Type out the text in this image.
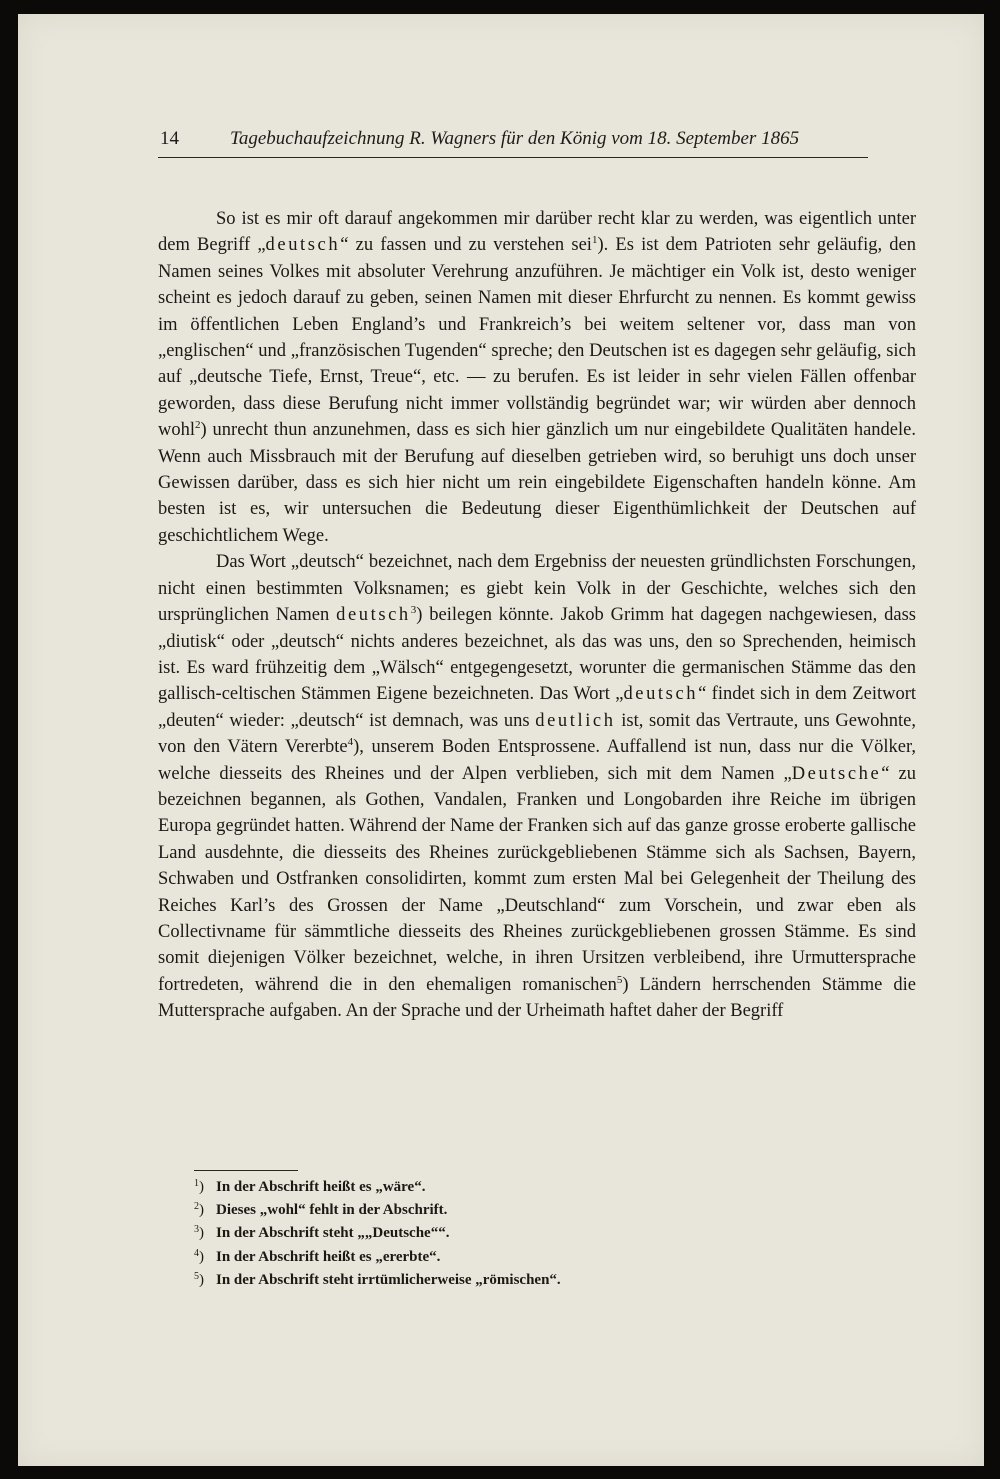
14	Tagebuchaufzeichnung R. Wagners für den König vom 18. September 1865

So ist es mir oft darauf angekommen mir darüber recht klar zu werden, was eigentlich unter dem Begriff „deutsch“ zu fassen und zu verstehen sei$^1$). Es ist dem Patrioten sehr geläufig, den Namen seines Volkes mit absoluter Verehrung anzuführen. Je mächtiger ein Volk ist, desto weniger scheint es jedoch darauf zu geben, seinen Namen mit dieser Ehrfurcht zu nennen. Es kommt gewiss im öffentlichen Leben England’s und Frankreich’s bei weitem seltener vor, dass man von „englischen“ und „französischen Tugenden“ spreche; den Deutschen ist es dagegen sehr geläufig, sich auf „deutsche Tiefe, Ernst, Treue“, etc. — zu berufen. Es ist leider in sehr vielen Fällen offenbar geworden, dass diese Berufung nicht immer vollständig begründet war; wir würden aber dennoch wohl$^2$) unrecht thun anzunehmen, dass es sich hier gänzlich um nur eingebildete Qualitäten handele. Wenn auch Missbrauch mit der Berufung auf dieselben getrieben wird, so beruhigt uns doch unser Gewissen darüber, dass es sich hier nicht um rein eingebildete Eigenschaften handeln könne. Am besten ist es, wir untersuchen die Bedeutung dieser Eigenthümlichkeit der Deutschen auf geschichtlichem Wege.

Das Wort „deutsch“ bezeichnet, nach dem Ergebniss der neuesten gründlichsten Forschungen, nicht einen bestimmten Volksnamen; es giebt kein Volk in der Geschichte, welches sich den ursprünglichen Namen deutsch$^3$) beilegen könnte. Jakob Grimm hat dagegen nachgewiesen, dass „diutisk“ oder „deutsch“ nichts anderes bezeichnet, als das was uns, den so Sprechenden, heimisch ist. Es ward frühzeitig dem „Wälsch“ entgegengesetzt, worunter die germanischen Stämme das den gallisch-celtischen Stämmen Eigene bezeichneten. Das Wort „deutsch“ findet sich in dem Zeitwort „deuten“ wieder: „deutsch“ ist demnach, was uns deutlich ist, somit das Vertraute, uns Gewohnte, von den Vätern Vererbte$^4$), unserem Boden Entsprossene. Auffallend ist nun, dass nur die Völker, welche diesseits des Rheines und der Alpen verblieben, sich mit dem Namen „Deutsche“ zu bezeichnen begannen, als Gothen, Vandalen, Franken und Longobarden ihre Reiche im übrigen Europa gegründet hatten. Während der Name der Franken sich auf das ganze grosse eroberte gallische Land ausdehnte, die diesseits des Rheines zurückgebliebenen Stämme sich als Sachsen, Bayern, Schwaben und Ostfranken consolidirten, kommt zum ersten Mal bei Gelegenheit der Theilung des Reiches Karl’s des Grossen der Name „Deutschland“ zum Vorschein, und zwar eben als Collectivname für sämmtliche diesseits des Rheines zurückgebliebenen grossen Stämme. Es sind somit diejenigen Völker bezeichnet, welche, in ihren Ursitzen verbleibend, ihre Urmuttersprache fortredeten, während die in den ehemaligen romanischen$^5$) Ländern herrschenden Stämme die Muttersprache aufgaben. An der Sprache und der Urheimath haftet daher der Begriff

1 ) In der Abschrift heißt es „wäre“.
2 ) Dieses „wohl“ fehlt in der Abschrift.
3 ) In der Abschrift steht „„Deutsche““.
4 ) In der Abschrift heißt es „ererbte“.
5 ) In der Abschrift steht irrtümlicherweise „römischen“.
